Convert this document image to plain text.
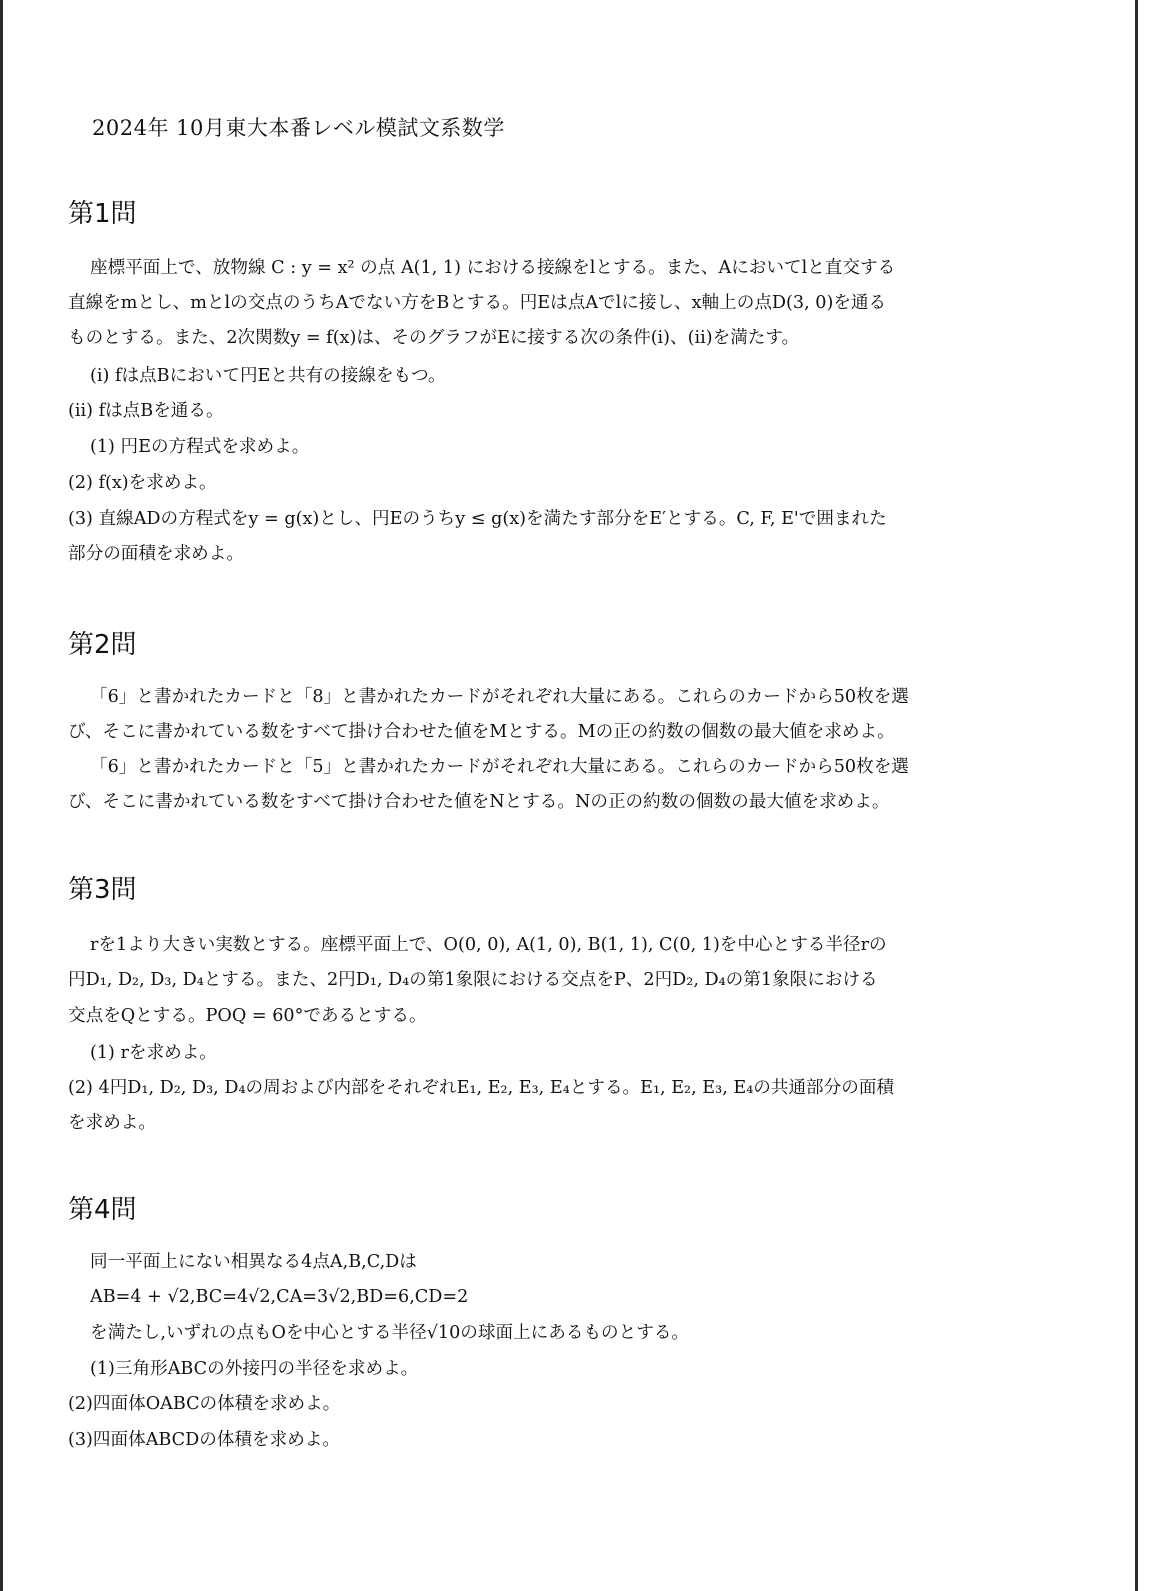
2024年 10月東大本番レベル模試文系数学
第1問
座標平面上で、放物線 C : y = x² の点 A(1, 1) における接線をlとする。また、Aにおいてlと直交する
直線をmとし、mとlの交点のうちAでない方をBとする。円Eは点Aでlに接し、x軸上の点D(3, 0)を通る
ものとする。また、2次関数y = f(x)は、そのグラフがEに接する次の条件(i)、(ii)を満たす。
(i) fは点Bにおいて円Eと共有の接線をもつ。
(ii) fは点Bを通る。
(1) 円Eの方程式を求めよ。
(2) f(x)を求めよ。
(3) 直線ADの方程式をy = g(x)とし、円Eのうちy ≤ g(x)を満たす部分をE′とする。C, F, E'で囲まれた
部分の面積を求めよ。
第2問
「6」と書かれたカードと「8」と書かれたカードがそれぞれ大量にある。これらのカードから50枚を選
び、そこに書かれている数をすべて掛け合わせた値をMとする。Mの正の約数の個数の最大値を求めよ。
「6」と書かれたカードと「5」と書かれたカードがそれぞれ大量にある。これらのカードから50枚を選
び、そこに書かれている数をすべて掛け合わせた値をNとする。Nの正の約数の個数の最大値を求めよ。
第3問
rを1より大きい実数とする。座標平面上で、O(0, 0), A(1, 0), B(1, 1), C(0, 1)を中心とする半径rの
円D₁, D₂, D₃, D₄とする。また、2円D₁, D₄の第1象限における交点をP、2円D₂, D₄の第1象限における
交点をQとする。POQ = 60°であるとする。
(1) rを求めよ。
(2) 4円D₁, D₂, D₃, D₄の周および内部をそれぞれE₁, E₂, E₃, E₄とする。E₁, E₂, E₃, E₄の共通部分の面積
を求めよ。
第4問
同一平面上にない相異なる4点A,B,C,Dは
AB=4 + √2,BC=4√2,CA=3√2,BD=6,CD=2
を満たし,いずれの点もOを中心とする半径√10の球面上にあるものとする。
(1)三角形ABCの外接円の半径を求めよ。
(2)四面体OABCの体積を求めよ。
(3)四面体ABCDの体積を求めよ。
